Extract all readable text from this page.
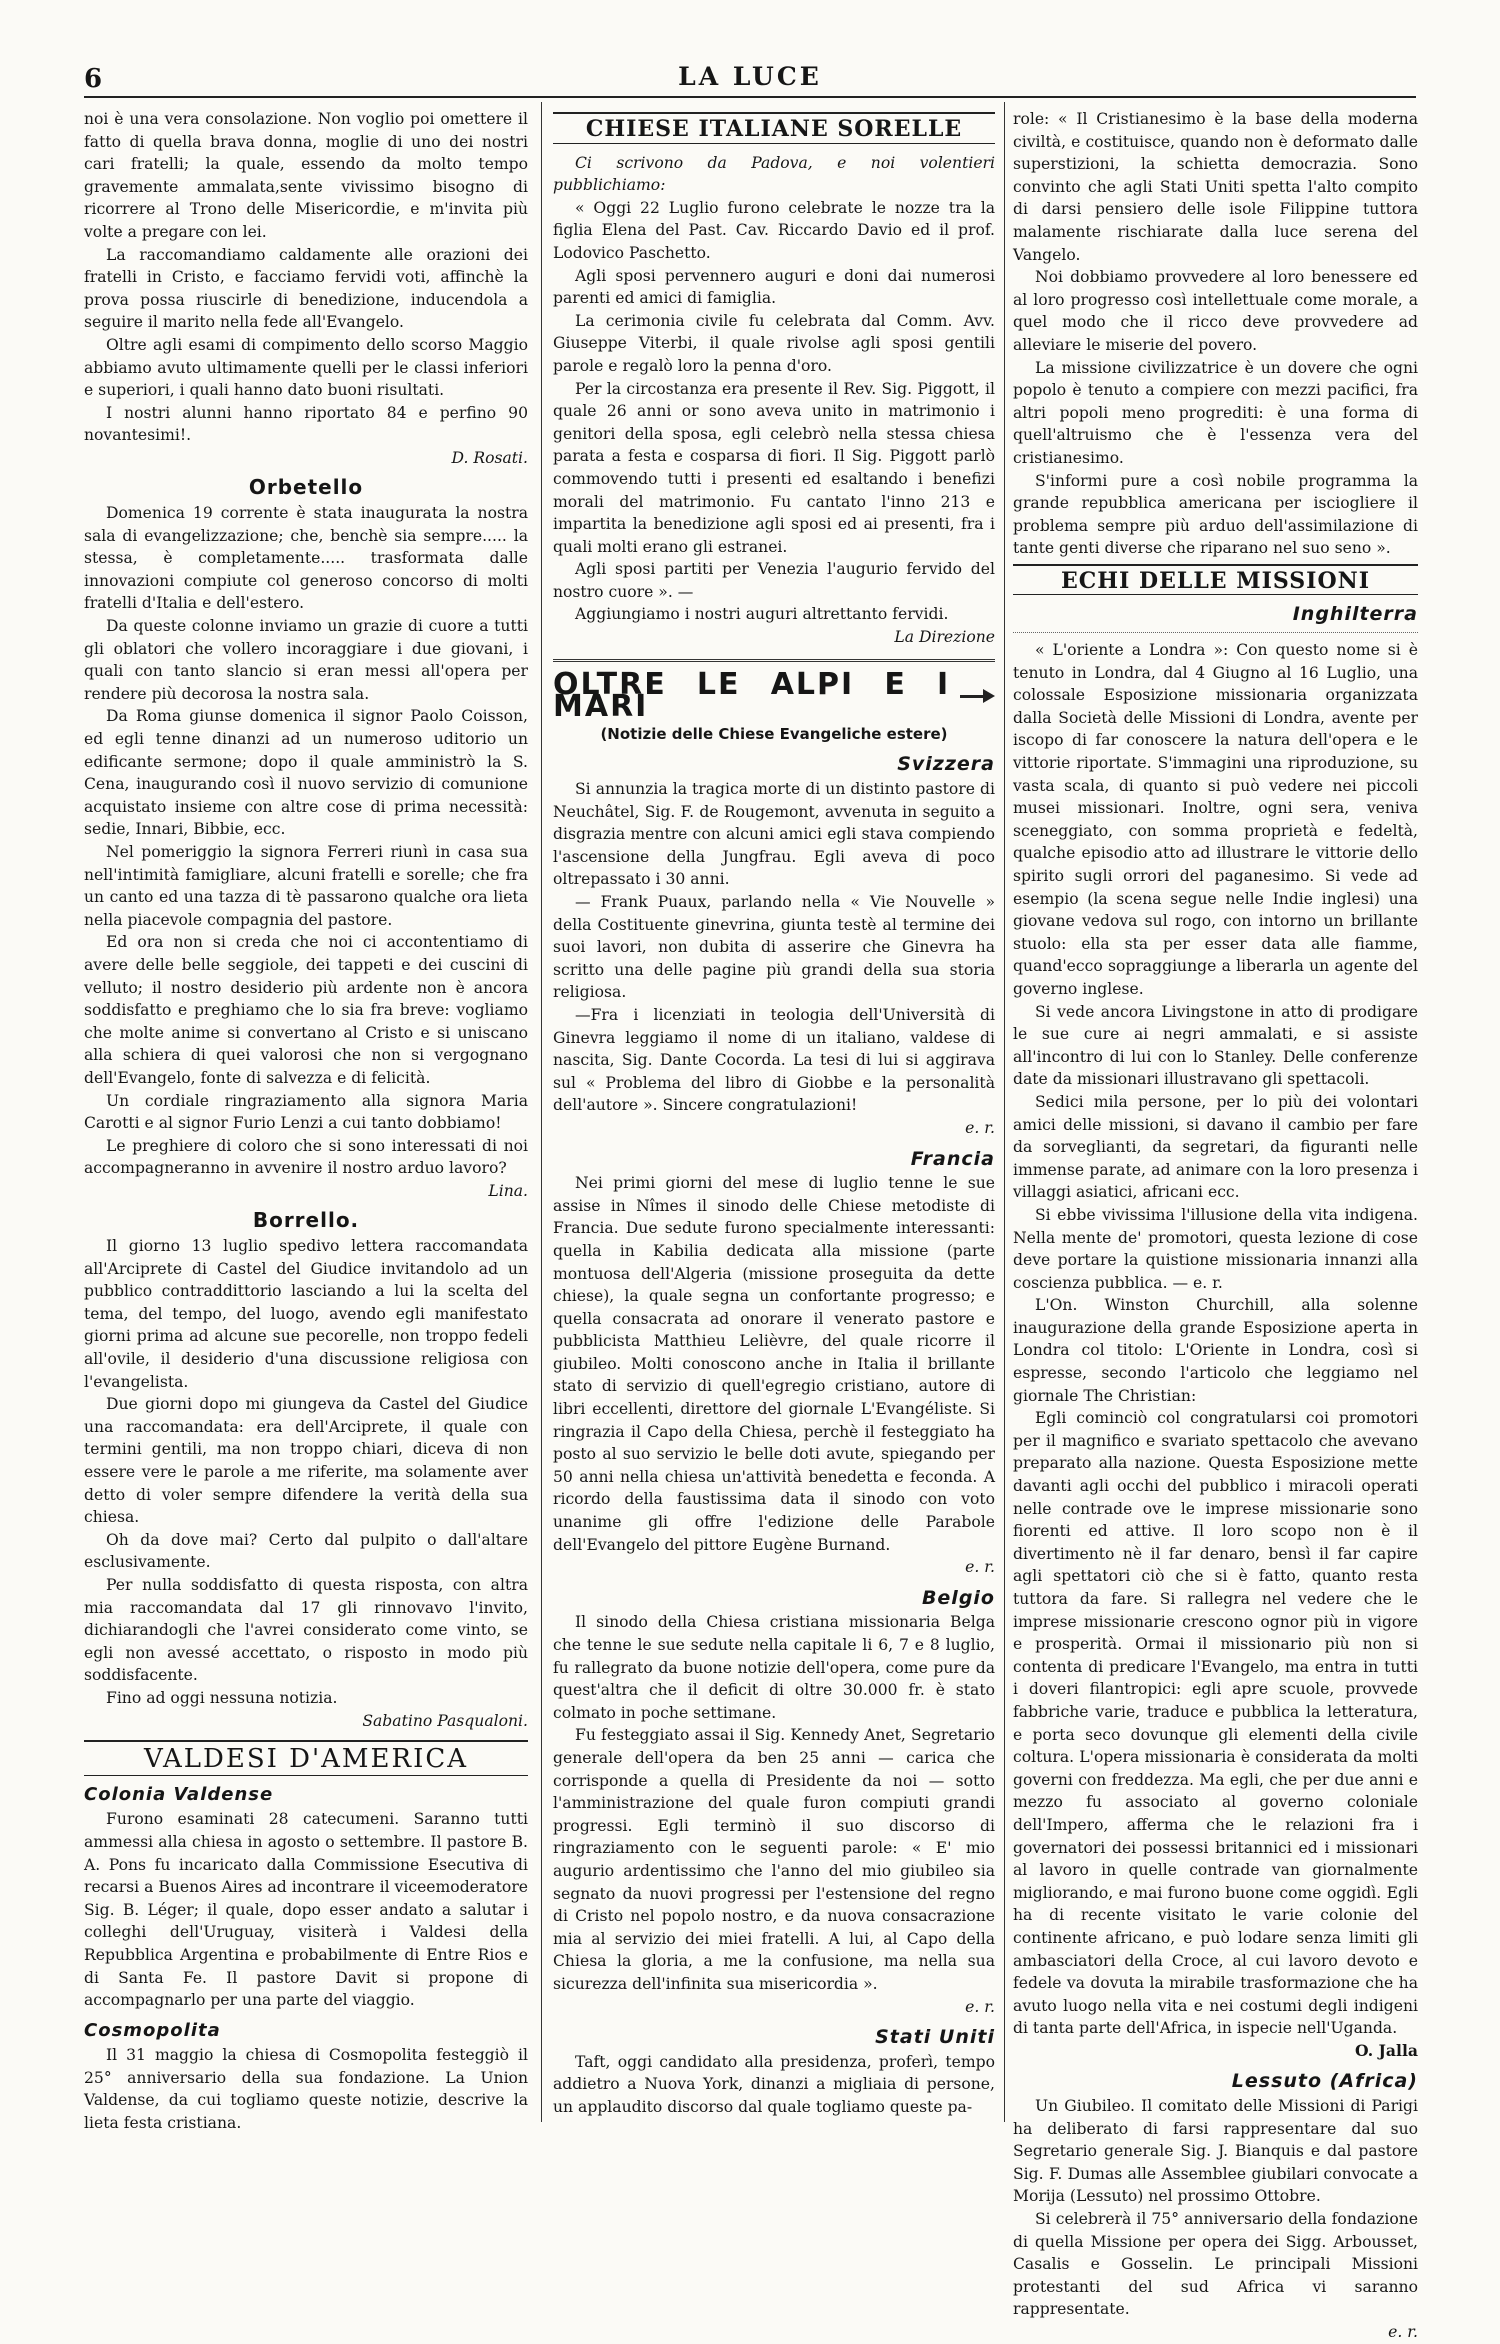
6	LA LUCE

noi è una vera consolazione. Non voglio poi omettere il fatto di quella brava donna, moglie di uno dei nostri cari fratelli; la quale, essendo da molto tempo gravemente ammalata,sente vivissimo bisogno di ricorrere al Trono delle Misericordie, e m'invita più volte a pregare con lei.

La raccomandiamo caldamente alle orazioni dei fratelli in Cristo, e facciamo fervidi voti, affinchè la prova possa riuscirle di benedizione, inducendola a seguire il marito nella fede all'Evangelo.

Oltre agli esami di compimento dello scorso Maggio abbiamo avuto ultimamente quelli per le classi inferiori e superiori, i quali hanno dato buoni risultati.

I nostri alunni hanno riportato 84 e perfino 90 novantesimi!.

D. Rosati.

Orbetello

Domenica 19 corrente è stata inaugurata la nostra sala di evangelizzazione; che, benchè sia sempre..... la stessa, è completamente..... trasformata dalle innovazioni compiute col generoso concorso di molti fratelli d'Italia e dell'estero.

Da queste colonne inviamo un grazie di cuore a tutti gli oblatori che vollero incoraggiare i due giovani, i quali con tanto slancio si eran messi all'opera per rendere più decorosa la nostra sala.

Da Roma giunse domenica il signor Paolo Coisson, ed egli tenne dinanzi ad un numeroso uditorio un edificante sermone; dopo il quale amministrò la S. Cena, inaugurando così il nuovo servizio di comunione acquistato insieme con altre cose di prima necessità: sedie, Innari, Bibbie, ecc.

Nel pomeriggio la signora Ferreri riunì in casa sua nell'intimità famigliare, alcuni fratelli e sorelle; che fra un canto ed una tazza di tè passarono qualche ora lieta nella piacevole compagnia del pastore.

Ed ora non si creda che noi ci accontentiamo di avere delle belle seggiole, dei tappeti e dei cuscini di velluto; il nostro desiderio più ardente non è ancora soddisfatto e preghiamo che lo sia fra breve: vogliamo che molte anime si convertano al Cristo e si uniscano alla schiera di quei valorosi che non si vergognano dell'Evangelo, fonte di salvezza e di felicità.

Un cordiale ringraziamento alla signora Maria Carotti e al signor Furio Lenzi a cui tanto dobbiamo!

Le preghiere di coloro che si sono interessati di noi accompagneranno in avvenire il nostro arduo lavoro?

Lina.

Borrello.

Il giorno 13 luglio spedivo lettera raccomandata all'Arciprete di Castel del Giudice invitandolo ad un pubblico contraddittorio lasciando a lui la scelta del tema, del tempo, del luogo, avendo egli manifestato giorni prima ad alcune sue pecorelle, non troppo fedeli all'ovile, il desiderio d'una discussione religiosa con l'evangelista.

Due giorni dopo mi giungeva da Castel del Giudice una raccomandata: era dell'Arciprete, il quale con termini gentili, ma non troppo chiari, diceva di non essere vere le parole a me riferite, ma solamente aver detto di voler sempre difendere la verità della sua chiesa.

Oh da dove mai? Certo dal pulpito o dall'altare esclusivamente.

Per nulla soddisfatto di questa risposta, con altra mia raccomandata dal 17 gli rinnovavo l'invito, dichiarandogli che l'avrei considerato come vinto, se egli non avessé accettato, o risposto in modo più soddisfacente.

Fino ad oggi nessuna notizia.

Sabatino Pasqualoni.

VALDESI D'AMERICA
Colonia Valdense

Furono esaminati 28 catecumeni. Saranno tutti ammessi alla chiesa in agosto o settembre. Il pastore B. A. Pons fu incaricato dalla Commissione Esecutiva di recarsi a Buenos Aires ad incontrare il viceemoderatore Sig. B. Léger; il quale, dopo esser andato a salutar i colleghi dell'Uruguay, visiterà i Valdesi della Repubblica Argentina e probabilmente di Entre Rios e di Santa Fe. Il pastore Davit si propone di accompagnarlo per una parte del viaggio.

Cosmopolita

Il 31 maggio la chiesa di Cosmopolita festeggiò il 25° anniversario della sua fondazione. La Union Valdense, da cui togliamo queste notizie, descrive la lieta festa cristiana.

CHIESE ITALIANE SORELLE

Ci scrivono da Padova, e noi volentieri pubblichiamo:

« Oggi 22 Luglio furono celebrate le nozze tra la figlia Elena del Past. Cav. Riccardo Davio ed il prof. Lodovico Paschetto.

Agli sposi pervennero auguri e doni dai numerosi parenti ed amici di famiglia.

La cerimonia civile fu celebrata dal Comm. Avv. Giuseppe Viterbi, il quale rivolse agli sposi gentili parole e regalò loro la penna d'oro.

Per la circostanza era presente il Rev. Sig. Piggott, il quale 26 anni or sono aveva unito in matrimonio i genitori della sposa, egli celebrò nella stessa chiesa parata a festa e cosparsa di fiori. Il Sig. Piggott parlò commovendo tutti i presenti ed esaltando i benefizi morali del matrimonio. Fu cantato l'inno 213 e impartita la benedizione agli sposi ed ai presenti, fra i quali molti erano gli estranei.

Agli sposi partiti per Venezia l'augurio fervido del nostro cuore ». —

Aggiungiamo i nostri auguri altrettanto fervidi.

La Direzione

OLTRE LE ALPI E I MARI
(Notizie delle Chiese Evangeliche estere)
Svizzera

Si annunzia la tragica morte di un distinto pastore di Neuchâtel, Sig. F. de Rougemont, avvenuta in seguito a disgrazia mentre con alcuni amici egli stava compiendo l'ascensione della Jungfrau. Egli aveva di poco oltrepassato i 30 anni.

— Frank Puaux, parlando nella « Vie Nouvelle » della Costituente ginevrina, giunta testè al termine dei suoi lavori, non dubita di asserire che Ginevra ha scritto una delle pagine più grandi della sua storia religiosa.

—Fra i licenziati in teologia dell'Università di Ginevra leggiamo il nome di un italiano, valdese di nascita, Sig. Dante Cocorda. La tesi di lui si aggirava sul « Problema del libro di Giobbe e la personalità dell'autore ». Sincere congratulazioni!

e. r.

Francia

Nei primi giorni del mese di luglio tenne le sue assise in Nîmes il sinodo delle Chiese metodiste di Francia. Due sedute furono specialmente interessanti: quella in Kabilia dedicata alla missione (parte montuosa dell'Algeria (missione proseguita da dette chiese), la quale segna un confortante progresso; e quella consacrata ad onorare il venerato pastore e pubblicista Matthieu Lelièvre, del quale ricorre il giubileo. Molti conoscono anche in Italia il brillante stato di servizio di quell'egregio cristiano, autore di libri eccellenti, direttore del giornale L'Evangéliste. Si ringrazia il Capo della Chiesa, perchè il festeggiato ha posto al suo servizio le belle doti avute, spiegando per 50 anni nella chiesa un'attività benedetta e feconda. A ricordo della faustissima data il sinodo con voto unanime gli offre l'edizione delle Parabole dell'Evangelo del pittore Eugène Burnand.

e. r.

Belgio

Il sinodo della Chiesa cristiana missionaria Belga che tenne le sue sedute nella capitale li 6, 7 e 8 luglio, fu rallegrato da buone notizie dell'opera, come pure da quest'altra che il deficit di oltre 30.000 fr. è stato colmato in poche settimane.

Fu festeggiato assai il Sig. Kennedy Anet, Segretario generale dell'opera da ben 25 anni — carica che corrisponde a quella di Presidente da noi — sotto l'amministrazione del quale furon compiuti grandi progressi. Egli terminò il suo discorso di ringraziamento con le seguenti parole: « E' mio augurio ardentissimo che l'anno del mio giubileo sia segnato da nuovi progressi per l'estensione del regno di Cristo nel popolo nostro, e da nuova consacrazione mia al servizio dei miei fratelli. A lui, al Capo della Chiesa la gloria, a me la confusione, ma nella sua sicurezza dell'infinita sua misericordia ».

e. r.

Stati Uniti

Taft, oggi candidato alla presidenza, proferì, tempo addietro a Nuova York, dinanzi a migliaia di persone, un applaudito discorso dal quale togliamo queste pa-

role: « Il Cristianesimo è la base della moderna civiltà, e costituisce, quando non è deformato dalle superstizioni, la schietta democrazia. Sono convinto che agli Stati Uniti spetta l'alto compito di darsi pensiero delle isole Filippine tuttora malamente rischiarate dalla luce serena del Vangelo.

Noi dobbiamo provvedere al loro benessere ed al loro progresso così intellettuale come morale, a quel modo che il ricco deve provvedere ad alleviare le miserie del povero.

La missione civilizzatrice è un dovere che ogni popolo è tenuto a compiere con mezzi pacifici, fra altri popoli meno progrediti: è una forma di quell'altruismo che è l'essenza vera del cristianesimo.

S'informi pure a così nobile programma la grande repubblica americana per isciogliere il problema sempre più arduo dell'assimilazione di tante genti diverse che riparano nel suo seno ».

ECHI DELLE MISSIONI
Inghilterra

« L'oriente a Londra »: Con questo nome si è tenuto in Londra, dal 4 Giugno al 16 Luglio, una colossale Esposizione missionaria organizzata dalla Società delle Missioni di Londra, avente per iscopo di far conoscere la natura dell'opera e le vittorie riportate. S'immagini una riproduzione, su vasta scala, di quanto si può vedere nei piccoli musei missionari. Inoltre, ogni sera, veniva sceneggiato, con somma proprietà e fedeltà, qualche episodio atto ad illustrare le vittorie dello spirito sugli orrori del paganesimo. Si vede ad esempio (la scena segue nelle Indie inglesi) una giovane vedova sul rogo, con intorno un brillante stuolo: ella sta per esser data alle fiamme, quand'ecco sopraggiunge a liberarla un agente del governo inglese.

Si vede ancora Livingstone in atto di prodigare le sue cure ai negri ammalati, e si assiste all'incontro di lui con lo Stanley. Delle conferenze date da missionari illustravano gli spettacoli.

Sedici mila persone, per lo più dei volontari amici delle missioni, si davano il cambio per fare da sorveglianti, da segretari, da figuranti nelle immense parate, ad animare con la loro presenza i villaggi asiatici, africani ecc.

Si ebbe vivissima l'illusione della vita indigena. Nella mente de' promotori, questa lezione di cose deve portare la quistione missionaria innanzi alla coscienza pubblica. — e. r.

L'On. Winston Churchill, alla solenne inaugurazione della grande Esposizione aperta in Londra col titolo: L'Oriente in Londra, così si espresse, secondo l'articolo che leggiamo nel giornale The Christian:

Egli cominciò col congratularsi coi promotori per il magnifico e svariato spettacolo che avevano preparato alla nazione. Questa Esposizione mette davanti agli occhi del pubblico i miracoli operati nelle contrade ove le imprese missionarie sono fiorenti ed attive. Il loro scopo non è il divertimento nè il far denaro, bensì il far capire agli spettatori ciò che si è fatto, quanto resta tuttora da fare. Si rallegra nel vedere che le imprese missionarie crescono ognor più in vigore e prosperità. Ormai il missionario più non si contenta di predicare l'Evangelo, ma entra in tutti i doveri filantropici: egli apre scuole, provvede fabbriche varie, traduce e pubblica la letteratura, e porta seco dovunque gli elementi della civile coltura. L'opera missionaria è considerata da molti governi con freddezza. Ma egli, che per due anni e mezzo fu associato al governo coloniale dell'Impero, afferma che le relazioni fra i governatori dei possessi britannici ed i missionari al lavoro in quelle contrade van giornalmente migliorando, e mai furono buone come oggidì. Egli ha di recente visitato le varie colonie del continente africano, e può lodare senza limiti gli ambasciatori della Croce, al cui lavoro devoto e fedele va dovuta la mirabile trasformazione che ha avuto luogo nella vita e nei costumi degli indigeni di tanta parte dell'Africa, in ispecie nell'Uganda.

O. Jalla

Lessuto (Africa)

Un Giubileo. Il comitato delle Missioni di Parigi ha deliberato di farsi rappresentare dal suo Segretario generale Sig. J. Bianquis e dal pastore Sig. F. Dumas alle Assemblee giubilari convocate a Morija (Lessuto) nel prossimo Ottobre.

Si celebrerà il 75° anniversario della fondazione di quella Missione per opera dei Sigg. Arbousset, Casalis e Gosselin. Le principali Missioni protestanti del sud Africa vi saranno rappresentate.

e. r.
